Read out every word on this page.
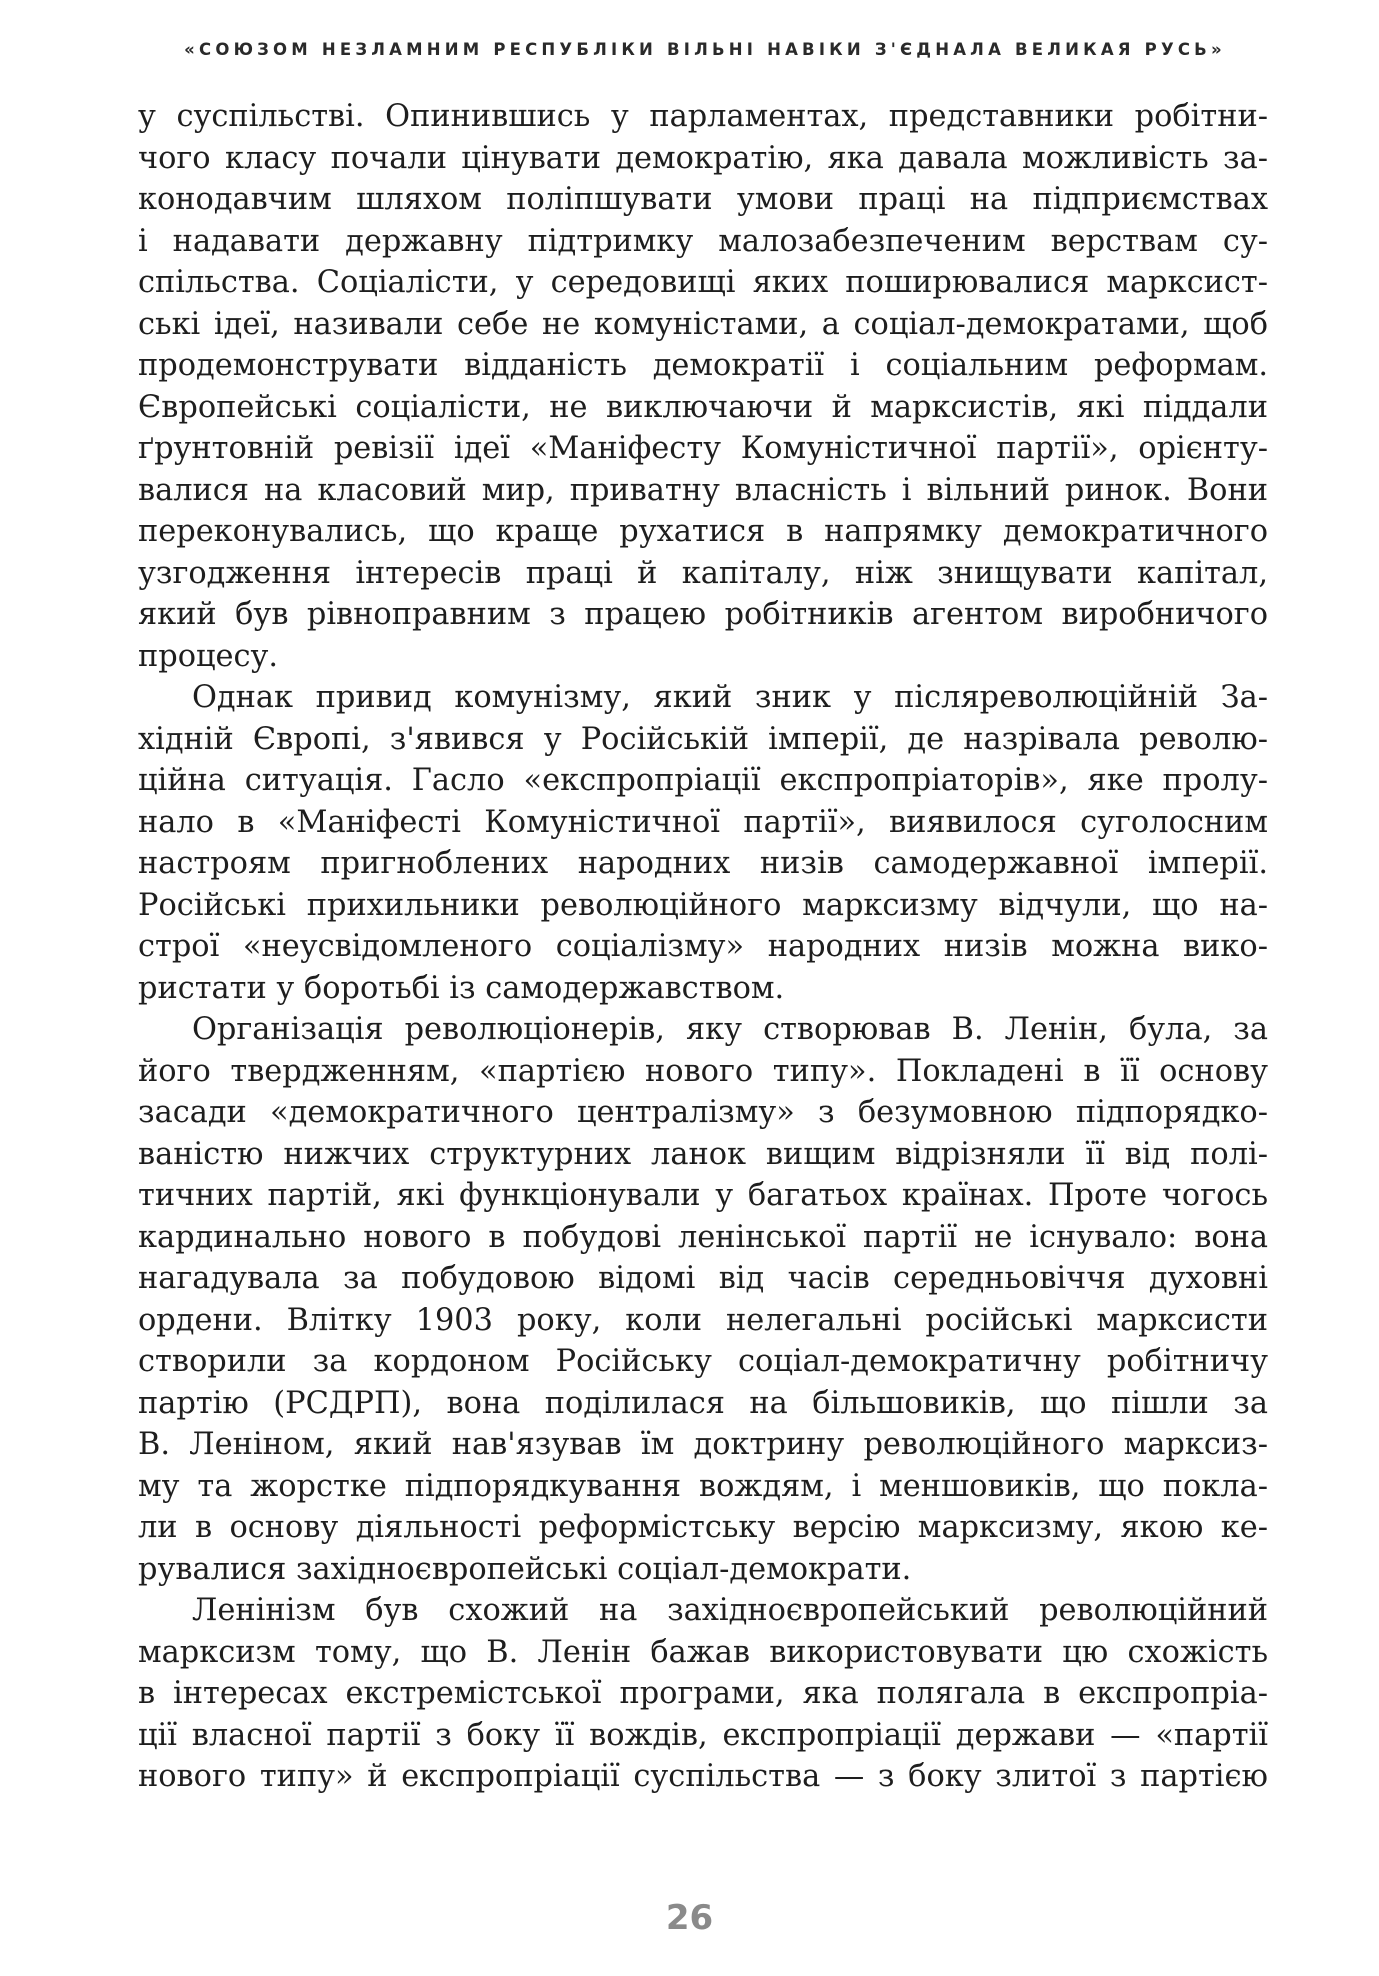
«СОЮЗОМ НЕЗЛАМНИМ РЕСПУБЛІКИ ВІЛЬНІ НАВІКИ З'ЄДНАЛА ВЕЛИКАЯ РУСЬ»
у суспільстві. Опинившись у парламентах, представники робітни-
чого класу почали цінувати демократію, яка давала можливість за-
конодавчим шляхом поліпшувати умови праці на підприємствах
і надавати державну підтримку малозабезпеченим верствам су-
спільства. Соціалісти, у середовищі яких поширювалися марксист-
ські ідеї, називали себе не комуністами, а соціал-демократами, щоб
продемонструвати відданість демократії і соціальним реформам.
Європейські соціалісти, не виключаючи й марксистів, які піддали
ґрунтовній ревізії ідеї «Маніфесту Комуністичної партії», орієнту-
валися на класовий мир, приватну власність і вільний ринок. Вони
переконувались, що краще рухатися в напрямку демократичного
узгодження інтересів праці й капіталу, ніж знищувати капітал,
який був рівноправним з працею робітників агентом виробничого
процесу.
Однак привид комунізму, який зник у післяреволюційній За-
хідній Європі, з'явився у Російській імперії, де назрівала револю-
ційна ситуація. Гасло «експропріації експропріаторів», яке пролу-
нало в «Маніфесті Комуністичної партії», виявилося суголосним
настроям пригноблених народних низів самодержавної імперії.
Російські прихильники революційного марксизму відчули, що на-
строї «неусвідомленого соціалізму» народних низів можна вико-
ристати у боротьбі із самодержавством.
Організація революціонерів, яку створював В. Ленін, була, за
його твердженням, «партією нового типу». Покладені в її основу
засади «демократичного централізму» з безумовною підпорядко-
ваністю нижчих структурних ланок вищим відрізняли її від полі-
тичних партій, які функціонували у багатьох країнах. Проте чогось
кардинально нового в побудові ленінської партії не існувало: вона
нагадувала за побудовою відомі від часів середньовіччя духовні
ордени. Влітку 1903 року, коли нелегальні російські марксисти
створили за кордоном Російську соціал-демократичну робітничу
партію (РСДРП), вона поділилася на більшовиків, що пішли за
В. Леніном, який нав'язував їм доктрину революційного марксиз-
му та жорстке підпорядкування вождям, і меншовиків, що покла-
ли в основу діяльності реформістську версію марксизму, якою ке-
рувалися західноєвропейські соціал-демократи.
Ленінізм був схожий на західноєвропейський революційний
марксизм тому, що В. Ленін бажав використовувати цю схожість
в інтересах екстремістської програми, яка полягала в експропріа-
ції власної партії з боку її вождів, експропріації держави — «партії
нового типу» й експропріації суспільства — з боку злитої з партією
26
